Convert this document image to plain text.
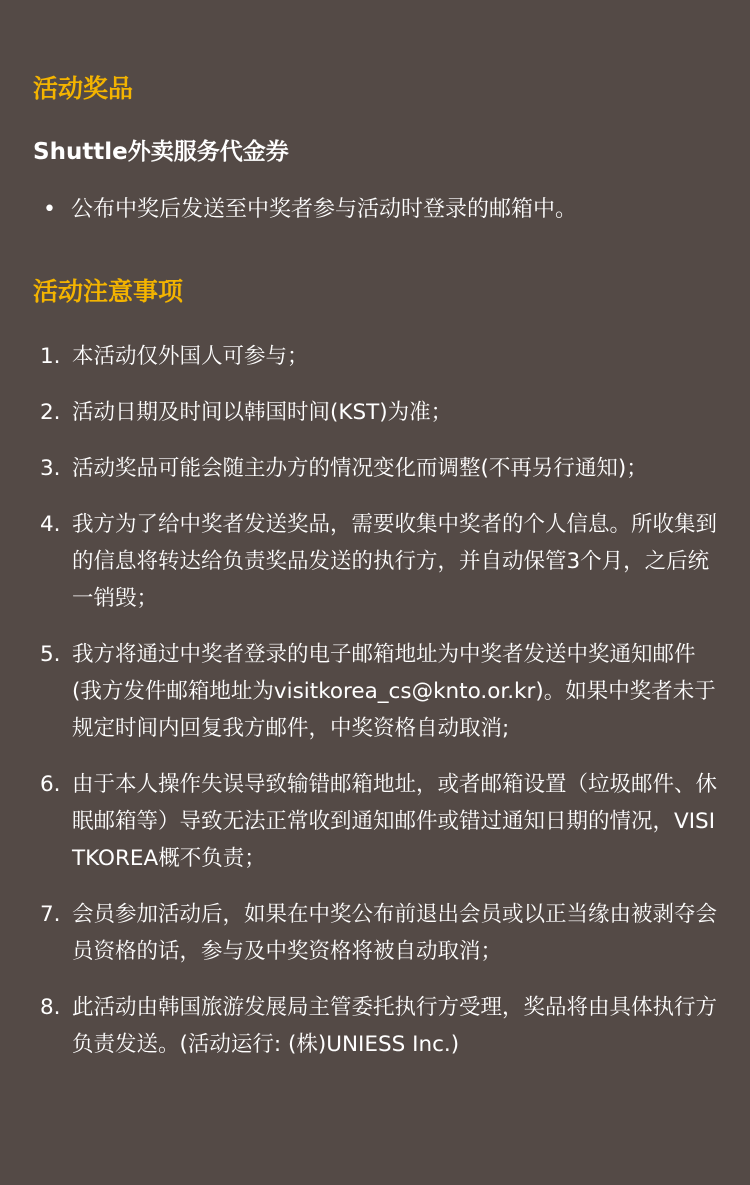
活动奖品
Shuttle外卖服务代金券
• 公布中奖后发送至中奖者参与活动时登录的邮箱中。
活动注意事项
1. 本活动仅外国人可参与；
2. 活动日期及时间以韩国时间(KST)为准；
3. 活动奖品可能会随主办方的情况变化而调整(不再另行通知)；
4. 我方为了给中奖者发送奖品，需要收集中奖者的个人信息。所收集到的信息将转达给负责奖品发送的执行方，并自动保管3个月，之后统一销毁；
5. 我方将通过中奖者登录的电子邮箱地址为中奖者发送中奖通知邮件(我方发件邮箱地址为visitkorea_cs@knto.or.kr)。如果中奖者未于规定时间内回复我方邮件，中奖资格自动取消;
6. 由于本人操作失误导致输错邮箱地址，或者邮箱设置（垃圾邮件、休眠邮箱等）导致无法正常收到通知邮件或错过通知日期的情况，VISITKOREA概不负责；
7. 会员参加活动后，如果在中奖公布前退出会员或以正当缘由被剥夺会员资格的话，参与及中奖资格将被自动取消；
8. 此活动由韩国旅游发展局主管委托执行方受理，奖品将由具体执行方负责发送。(活动运行: (株)UNIESS Inc.)
